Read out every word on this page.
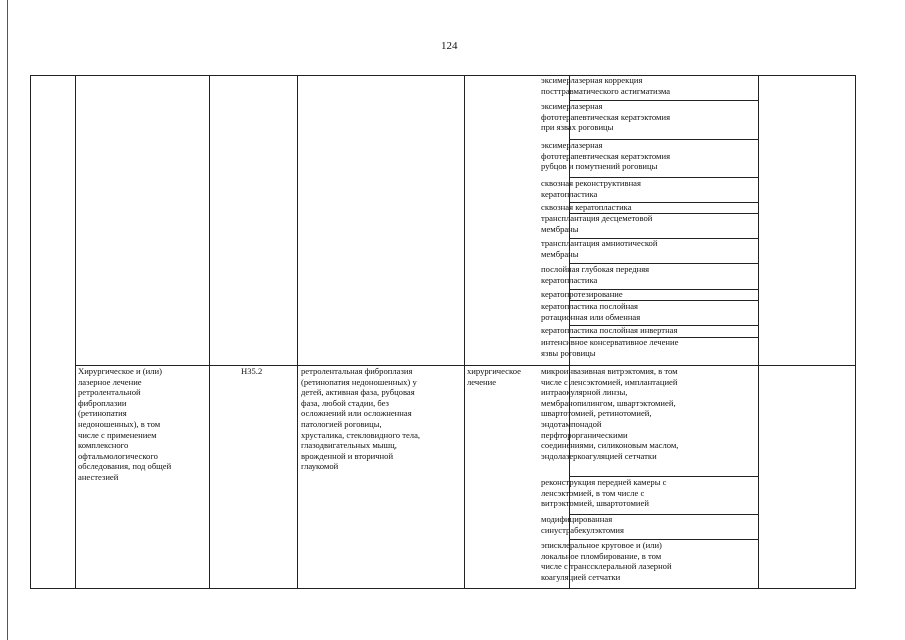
124
эксимерлазерная коррекция
посттравматического астигматизма
эксимерлазерная
фототерапевтическая кератэктомия
при язвах роговицы
эксимерлазерная
фототерапевтическая кератэктомия
рубцов и помутнений роговицы
сквозная реконструктивная
кератопластика
сквозная кератопластика
трансплантация десцеметовой
мембраны
трансплантация амниотической
мембраны
послойная глубокая передняя
кератопластика
кератопротезирование
кератопластика послойная
ротационная или обменная
кератопластика послойная инвертная
интенсивное консервативное лечение
язвы роговицы
Хирургическое и (или)
лазерное лечение
ретролентальной
фиброплазии
(ретинопатия
недоношенных), в том
числе с применением
комплексного
офтальмологического
обследования, под общей
анестезией
H35.2	ретролентальная фиброплазия
(ретинопатия недоношенных) у
детей, активная фаза, рубцовая
фаза, любой стадии, без
осложнений или осложненная
патологией роговицы,
хрусталика, стекловидного тела,
глазодвигательных мышц,
врожденной и вторичной
глаукомой
хирургическое
лечение
микроинвазивная витрэктомия, в том
числе с ленсэктомией, имплантацией
интраокулярной линзы,
мембранопилингом, швартэктомией,
швартотомией, ретинотомией,
эндотампонадой
перфторорганическими
соединениями, силиконовым маслом,
эндолазеркоагуляцией сетчатки
реконструкция передней камеры с
ленсэктомией, в том числе с
витрэктомией, швартотомией
модифицированная
синустрабекулэктомия
эписклеральное круговое и (или)
локальное пломбирование, в том
числе с транссклеральной лазерной
коагуляцией сетчатки
